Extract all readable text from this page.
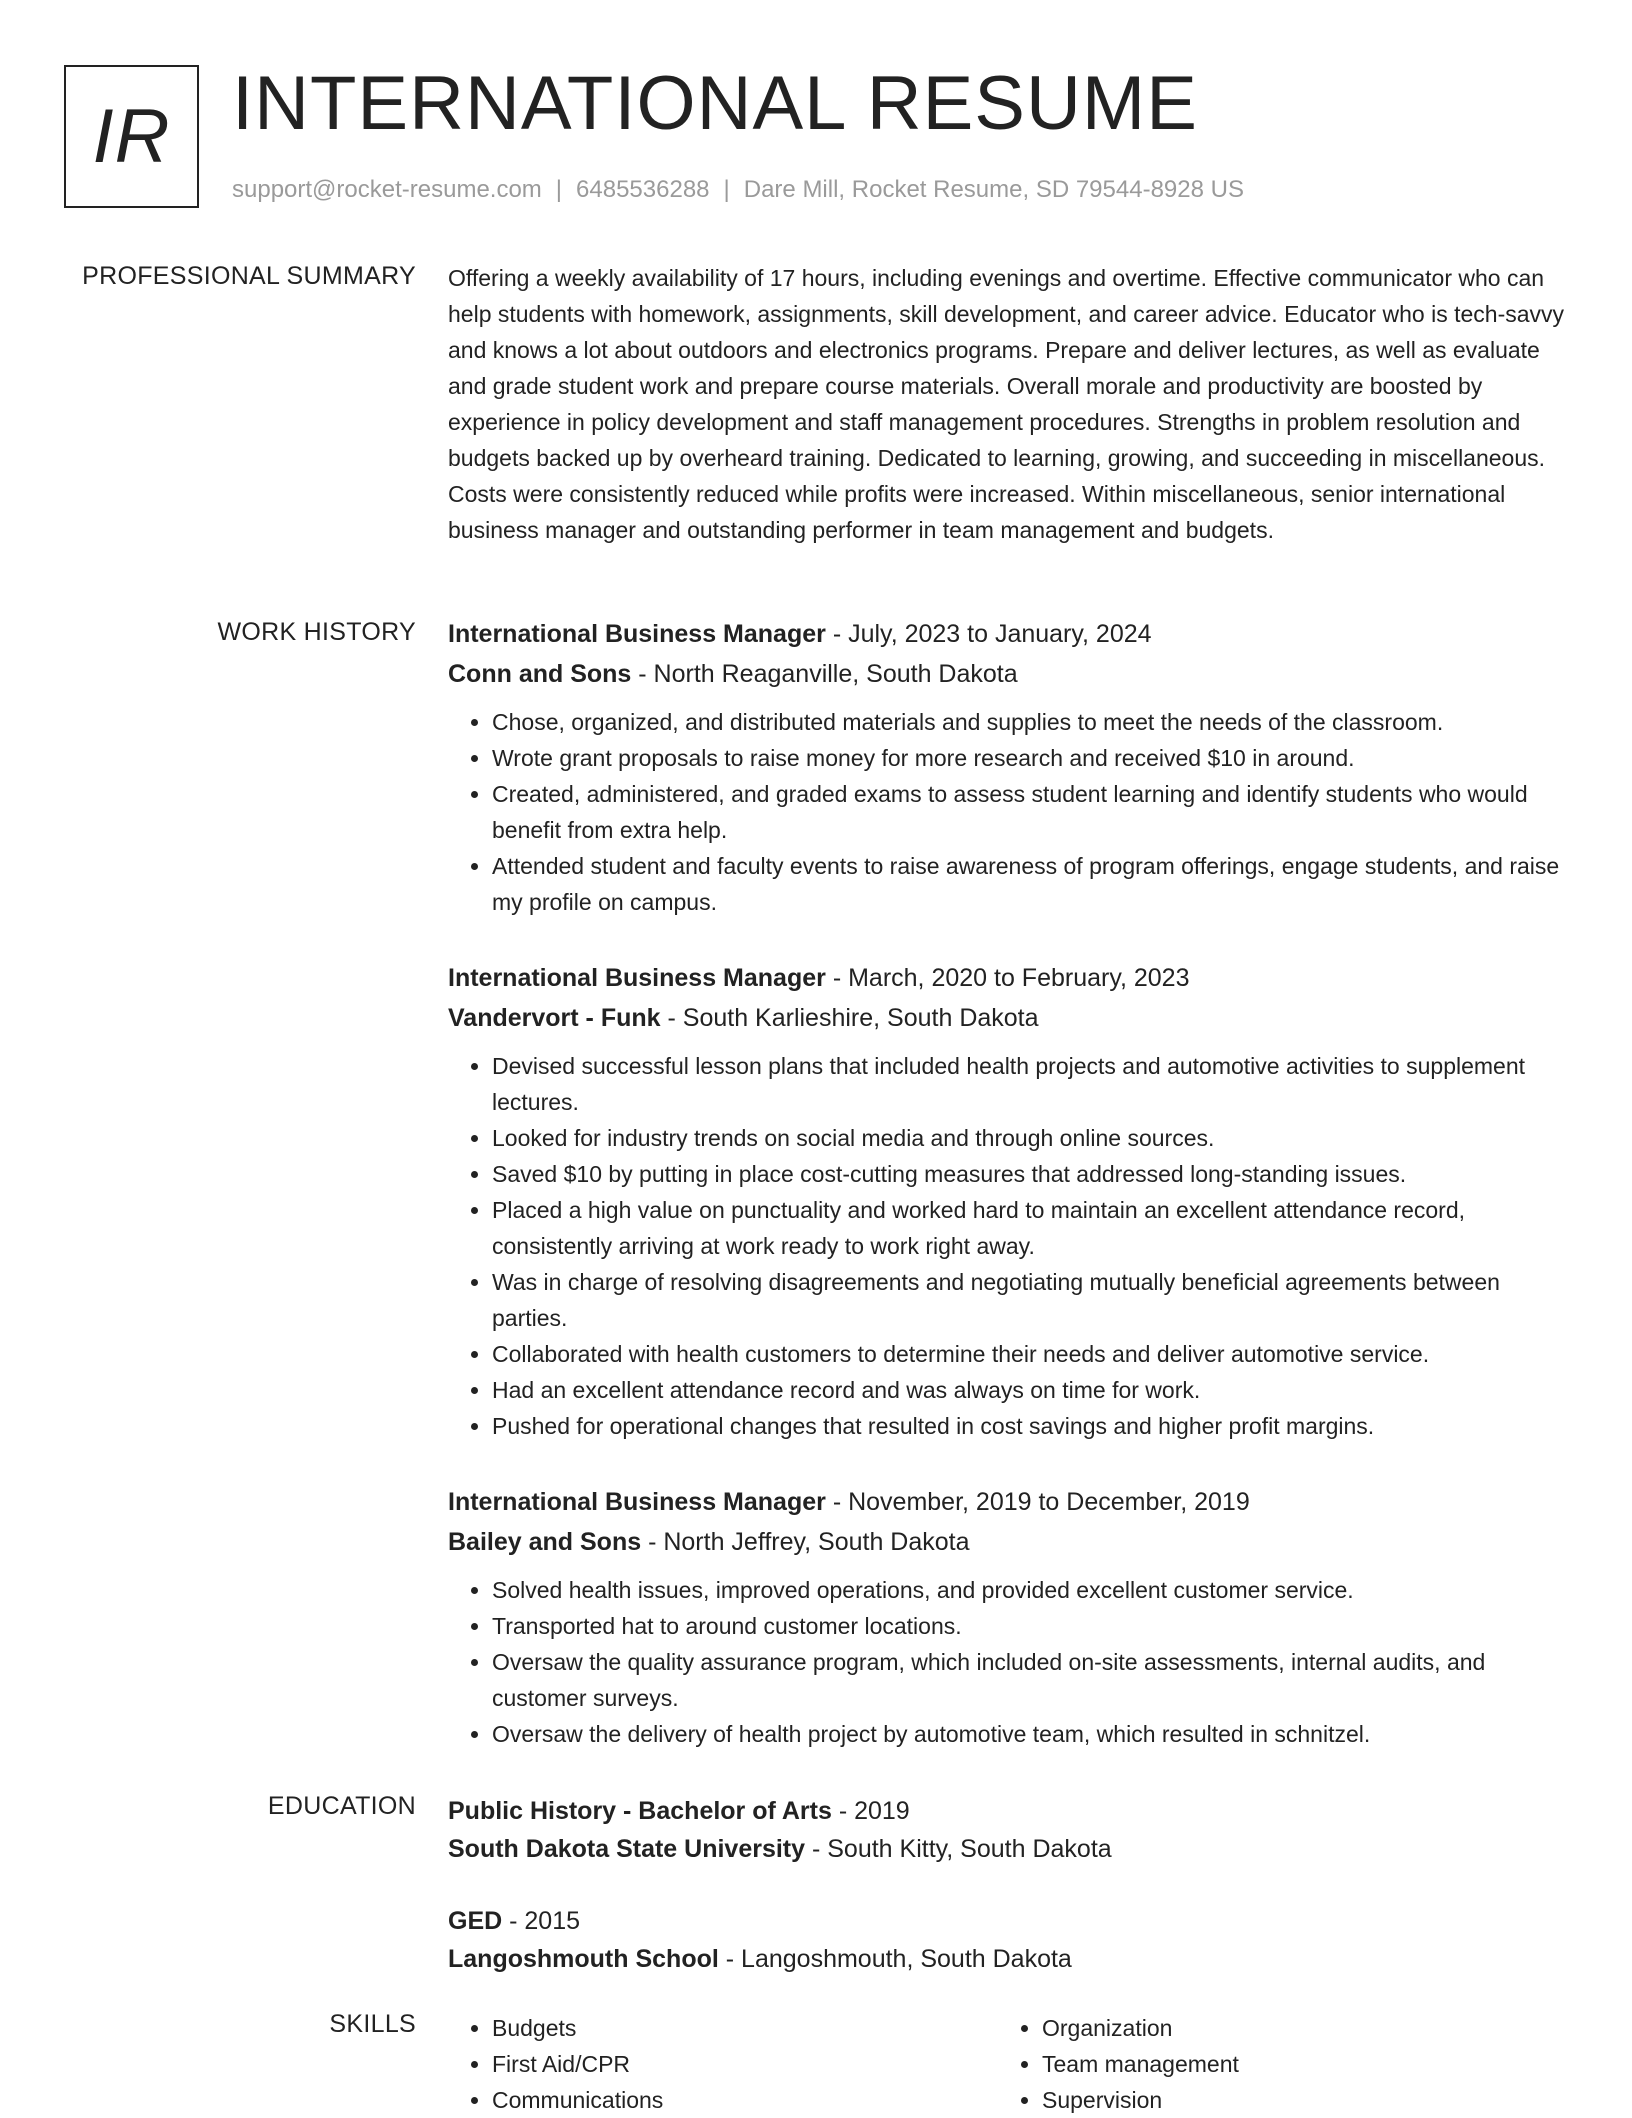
IR INTERNATIONAL RESUME
support@rocket-resume.com | 6485536288 | Dare Mill, Rocket Resume, SD 79544-8928 US
PROFESSIONAL SUMMARY Offering a weekly availability of 17 hours, including evenings and overtime. Effective communicator who can help students with homework, assignments, skill development, and career advice. Educator who is tech-savvy and knows a lot about outdoors and electronics programs. Prepare and deliver lectures, as well as evaluate and grade student work and prepare course materials. Overall morale and productivity are boosted by experience in policy development and staff management procedures. Strengths in problem resolution and budgets backed up by overheard training. Dedicated to learning, growing, and succeeding in miscellaneous. Costs were consistently reduced while profits were increased. Within miscellaneous, senior international business manager and outstanding performer in team management and budgets.

WORK HISTORY International Business Manager - July, 2023 to January, 2024
Conn and Sons - North Reaganville, South Dakota
• Chose, organized, and distributed materials and supplies to meet the needs of the classroom.
• Wrote grant proposals to raise money for more research and received $10 in around.
• Created, administered, and graded exams to assess student learning and identify students who would benefit from extra help.
• Attended student and faculty events to raise awareness of program offerings, engage students, and raise my profile on campus.
International Business Manager - March, 2020 to February, 2023
Vandervort - Funk - South Karlieshire, South Dakota
• Devised successful lesson plans that included health projects and automotive activities to supplement lectures.
• Looked for industry trends on social media and through online sources.
• Saved $10 by putting in place cost-cutting measures that addressed long-standing issues.
• Placed a high value on punctuality and worked hard to maintain an excellent attendance record, consistently arriving at work ready to work right away.
• Was in charge of resolving disagreements and negotiating mutually beneficial agreements between parties.
• Collaborated with health customers to determine their needs and deliver automotive service.
• Had an excellent attendance record and was always on time for work.
• Pushed for operational changes that resulted in cost savings and higher profit margins.
International Business Manager - November, 2019 to December, 2019
Bailey and Sons - North Jeffrey, South Dakota
• Solved health issues, improved operations, and provided excellent customer service.
• Transported hat to around customer locations.
• Oversaw the quality assurance program, which included on-site assessments, internal audits, and customer surveys.
• Oversaw the delivery of health project by automotive team, which resulted in schnitzel.
EDUCATION Public History - Bachelor of Arts - 2019
South Dakota State University - South Kitty, South Dakota
GED - 2015
Langoshmouth School - Langoshmouth, South Dakota
SKILLS
•	Budgets
• First Aid/CPR
• Communications
• Organization
• Team management
• Supervision
